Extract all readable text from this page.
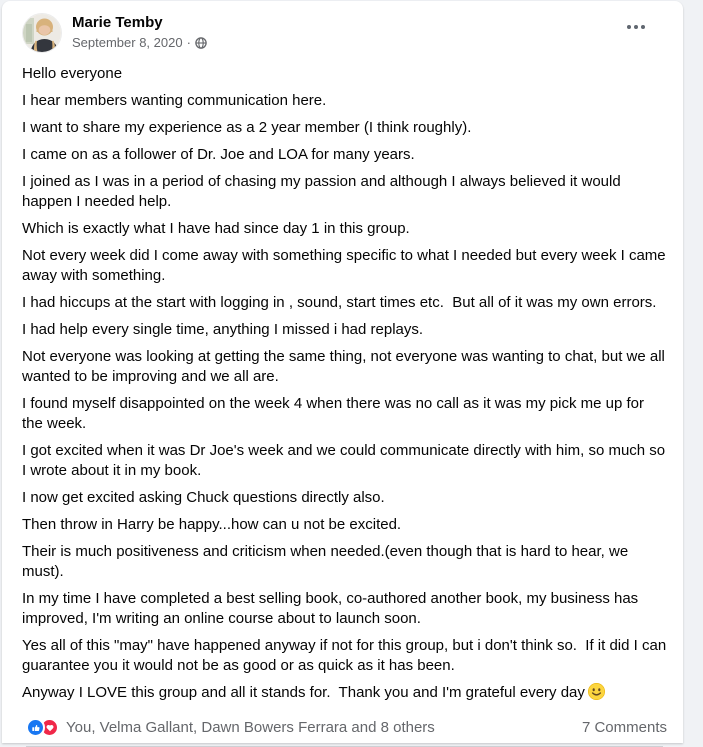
Marie Temby
September 8, 2020 ·

Hello everyone

I hear members wanting communication here.

I want to share my experience as a 2 year member (I think roughly).

I came on as a follower of Dr. Joe and LOA for many years.

I joined as I was in a period of chasing my passion and although I always believed it would happen I needed help.

Which is exactly what I have had since day 1 in this group.

Not every week did I come away with something specific to what I needed but every week I came away with something.

I had hiccups at the start with logging in , sound, start times etc.  But all of it was my own errors.

I had help every single time, anything I missed i had replays.

Not everyone was looking at getting the same thing, not everyone was wanting to chat, but we all wanted to be improving and we all are.

I found myself disappointed on the week 4 when there was no call as it was my pick me up for the week.

I got excited when it was Dr Joe's week and we could communicate directly with him, so much so I wrote about it in my book.

I now get excited asking Chuck questions directly also.

Then throw in Harry be happy...how can u not be excited.

Their is much positiveness and criticism when needed.(even though that is hard to hear, we must).

In my time I have completed a best selling book, co-authored another book, my business has improved, I'm writing an online course about to launch soon.

Yes all of this "may" have happened anyway if not for this group, but i don't think so.  If it did I can guarantee you it would not be as good or as quick as it has been.

Anyway I LOVE this group and all it stands for.  Thank you and I'm grateful every day

You, Velma Gallant, Dawn Bowers Ferrara and 8 others	7 Comments
